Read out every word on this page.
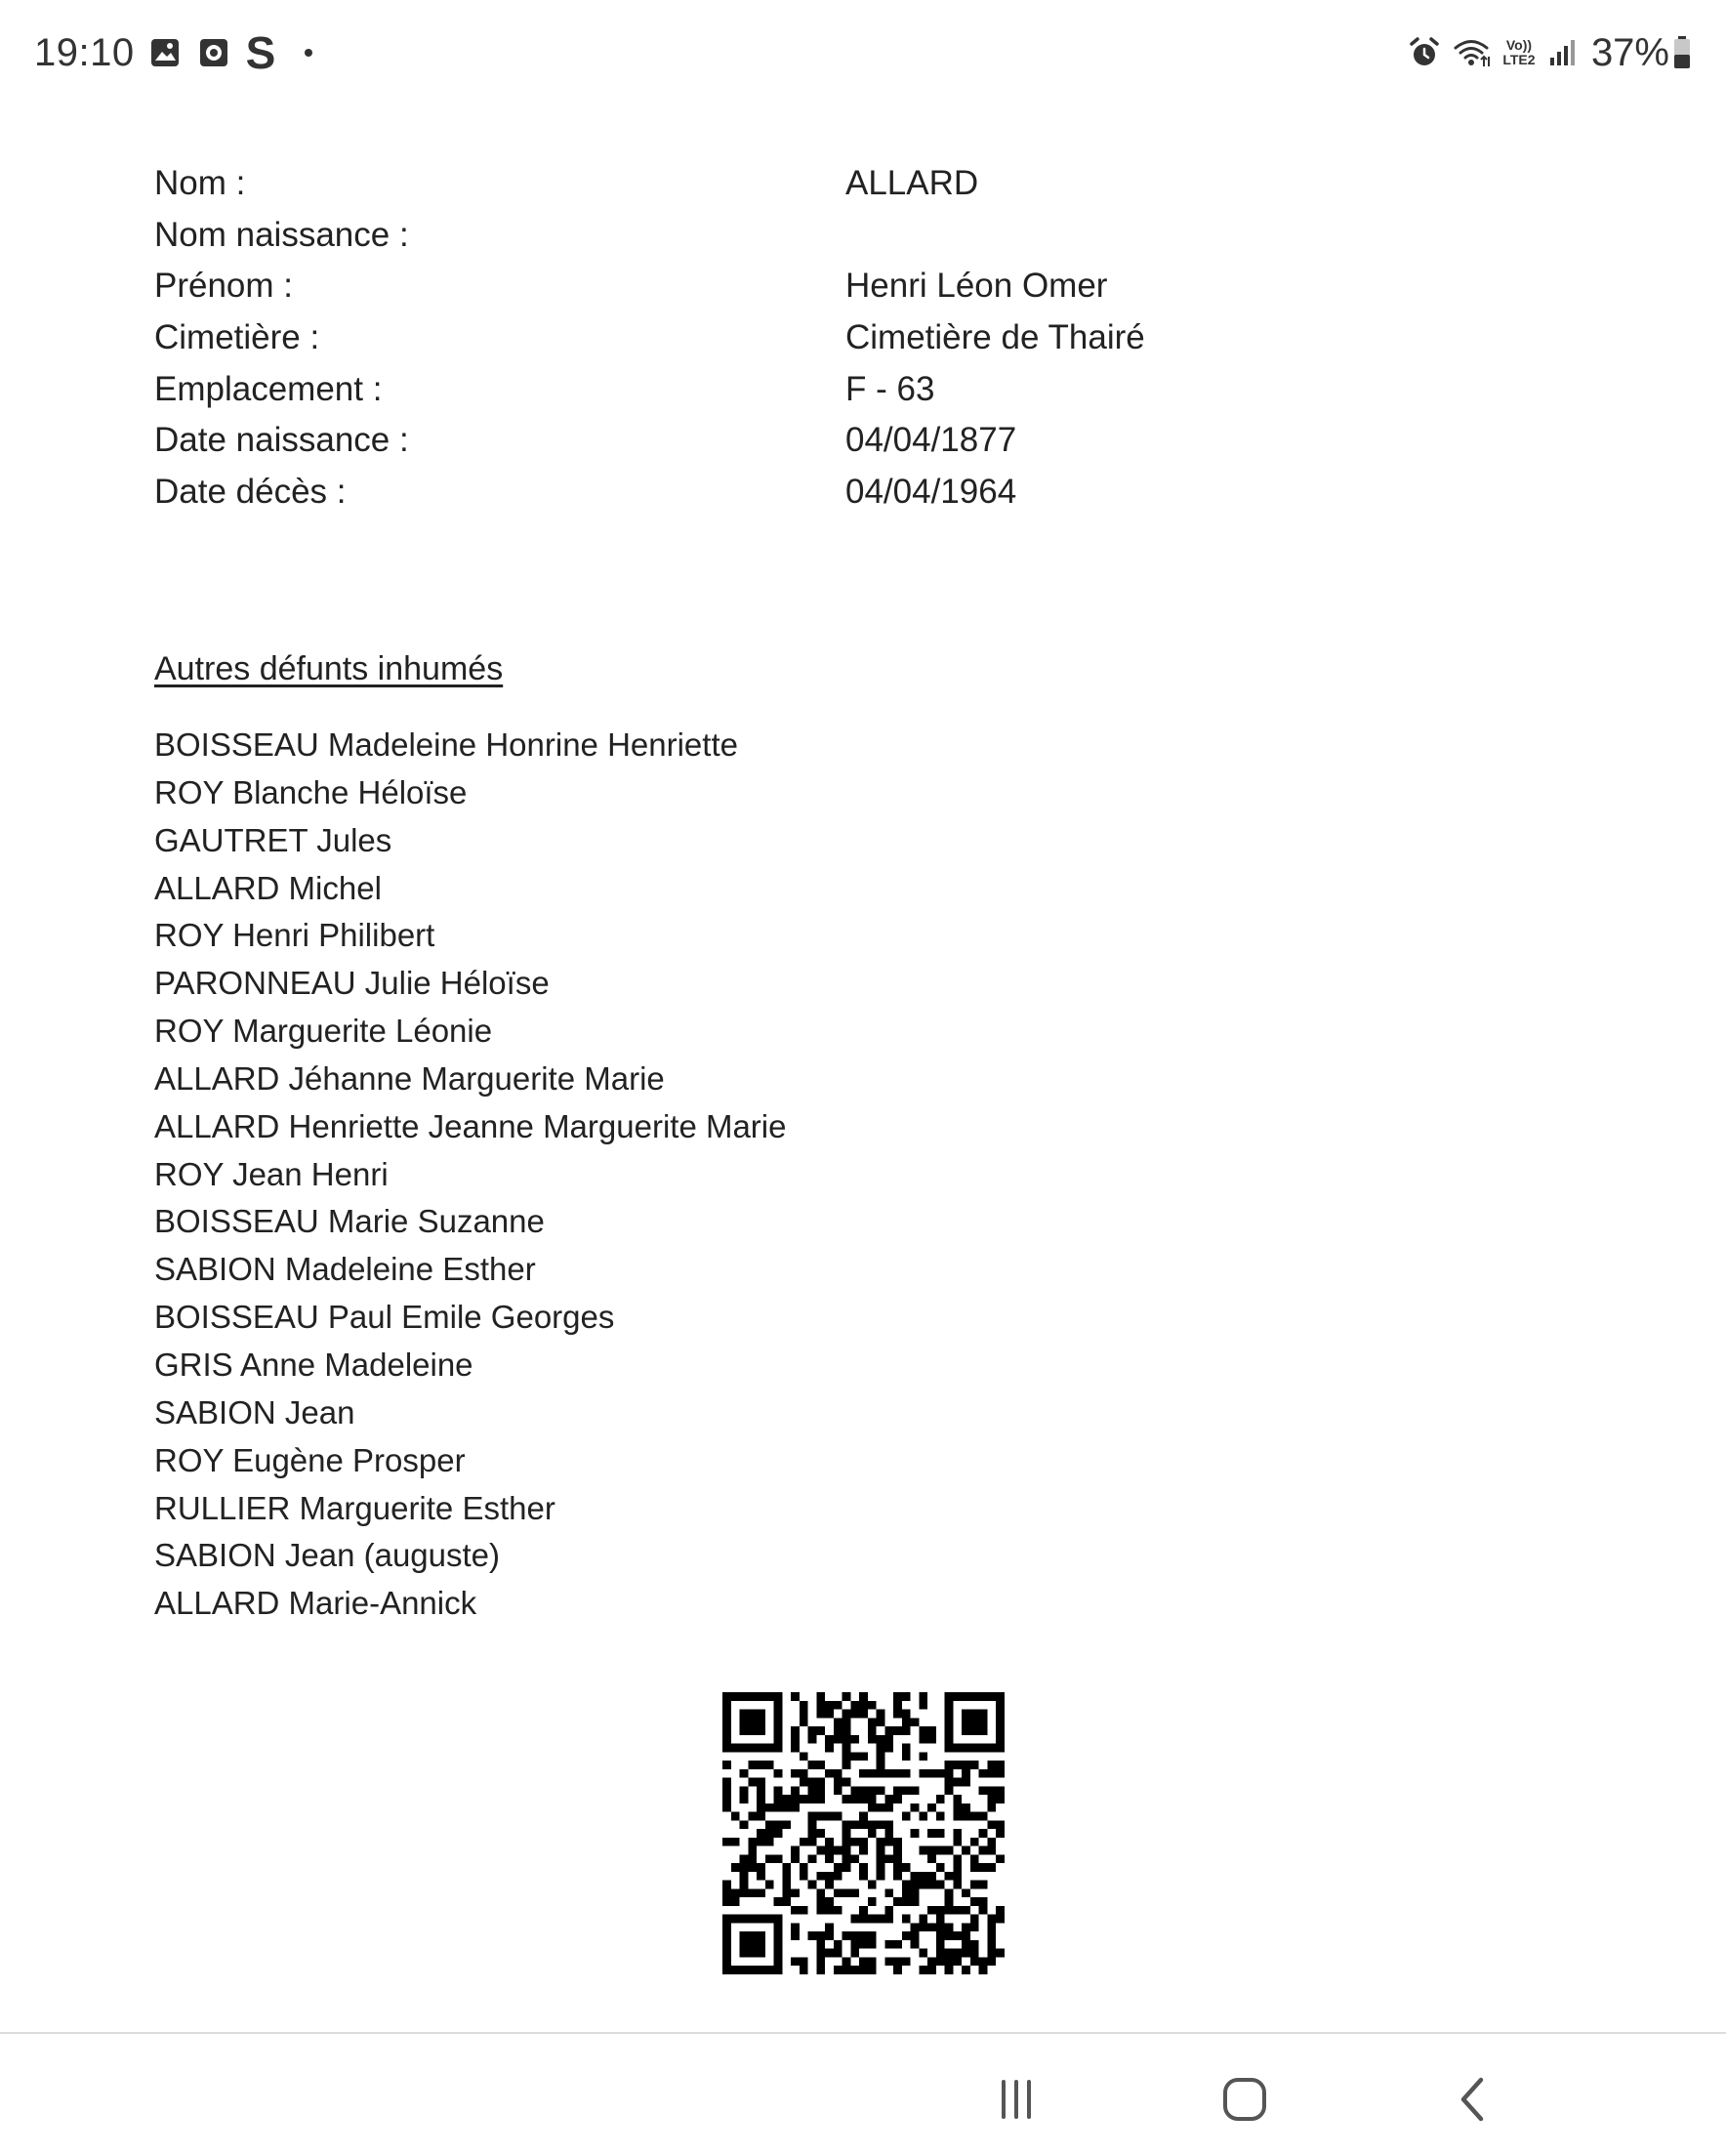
19:10 S	Vo)) LTE2 37%
Nom :	ALLARD
Nom naissance :
Prénom :	Henri Léon Omer
Cimetière :	Cimetière de Thairé
Emplacement :	F - 63
Date naissance :	04/04/1877
Date décès :	04/04/1964
Autres défunts inhumés
BOISSEAU Madeleine Honrine Henriette
ROY Blanche Héloïse
GAUTRET Jules
ALLARD Michel
ROY Henri Philibert
PARONNEAU Julie Héloïse
ROY Marguerite Léonie
ALLARD Jéhanne Marguerite Marie
ALLARD Henriette Jeanne Marguerite Marie
ROY Jean Henri
BOISSEAU Marie Suzanne
SABION Madeleine Esther
BOISSEAU Paul Emile Georges
GRIS Anne Madeleine
SABION Jean
ROY Eugène Prosper
RULLIER Marguerite Esther
SABION Jean (auguste)
ALLARD Marie-Annick
